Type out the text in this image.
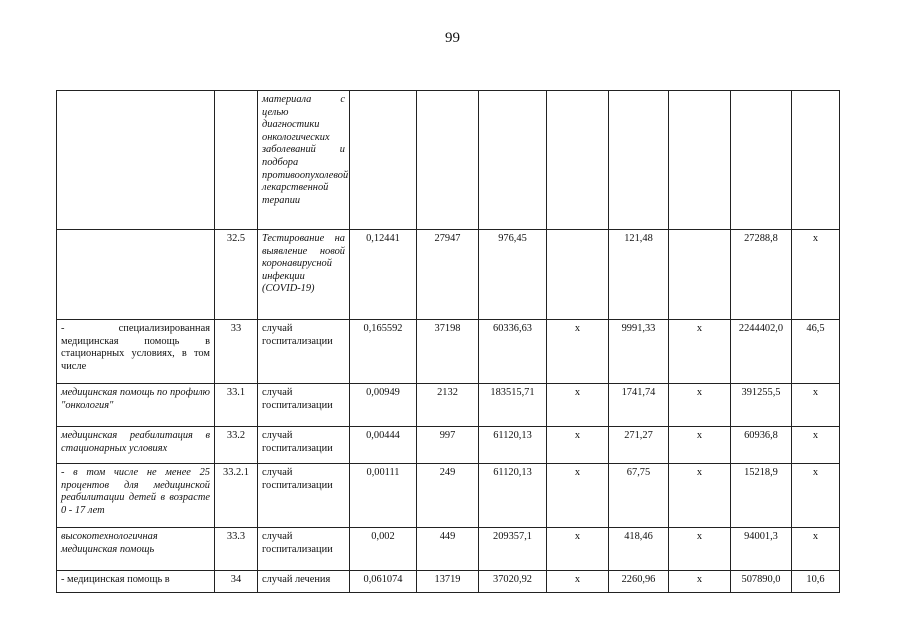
99
		материала с целью диагностики онкологических заболеваний и подбора противоопухолевой лекарственной терапии								
	32.5	Тестирование на выявление новой коронавирусной инфекции (COVID-19)	0,12441	27947	976,45		121,48		27288,8	x
- специализированная медицинская помощь в стационарных условиях, в том числе	33	случай госпитализации	0,165592	37198	60336,63	x	9991,33	x	2244402,0	46,5
медицинская помощь по профилю "онкология"	33.1	случай госпитализации	0,00949	2132	183515,71	x	1741,74	x	391255,5	x
медицинская реабилитация в стационарных условиях	33.2	случай госпитализации	0,00444	997	61120,13	x	271,27	x	60936,8	x
- в том числе не менее 25 процентов для медицинской реабилитации детей в возрасте 0 - 17 лет	33.2.1	случай госпитализации	0,00111	249	61120,13	x	67,75	x	15218,9	x
высокотехнологичная медицинская помощь	33.3	случай госпитализации	0,002	449	209357,1	x	418,46	x	94001,3	x
- медицинская помощь в	34	случай лечения	0,061074	13719	37020,92	x	2260,96	x	507890,0	10,6
